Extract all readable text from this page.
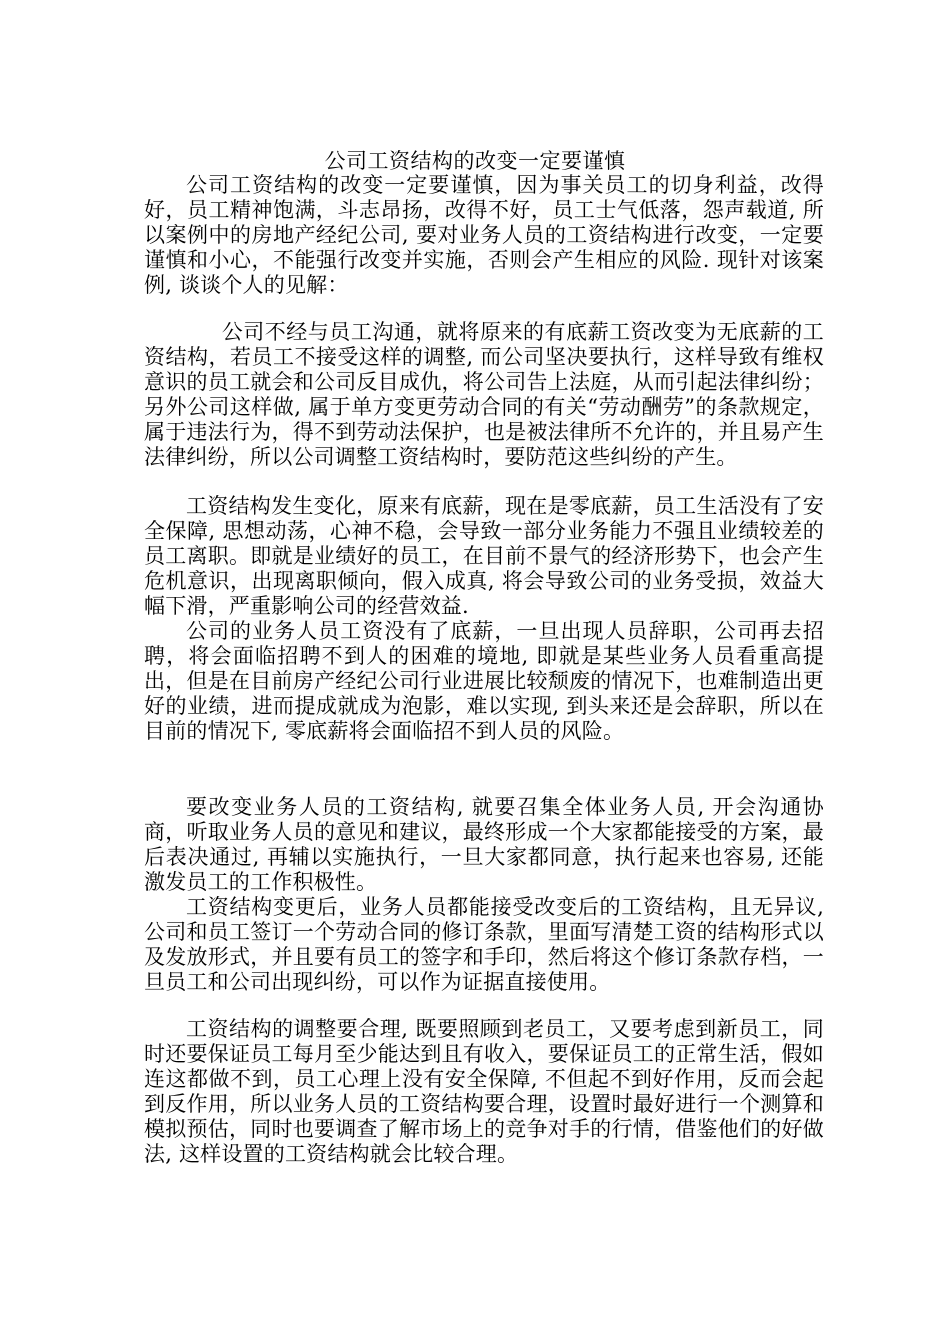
公司工资结构的改变一定要谨慎

公司工资结构的改变一定要谨慎，因为事关员工的切身利益，改得好，员工精神饱满，斗志昂扬，改得不好，员工士气低落，怨声载道, 所以案例中的房地产经纪公司, 要对业务人员的工资结构进行改变，一定要谨慎和小心，不能强行改变并实施，否则会产生相应的风险. 现针对该案例, 谈谈个人的见解：

公司不经与员工沟通，就将原来的有底薪工资改变为无底薪的工资结构，若员工不接受这样的调整, 而公司坚决要执行，这样导致有维权意识的员工就会和公司反目成仇，将公司告上法庭，从而引起法律纠纷；另外公司这样做, 属于单方变更劳动合同的有关“劳动酬劳”的条款规定，属于违法行为，得不到劳动法保护，也是被法律所不允许的，并且易产生法律纠纷，所以公司调整工资结构时，要防范这些纠纷的产生。

工资结构发生变化，原来有底薪，现在是零底薪，员工生活没有了安全保障, 思想动荡，心神不稳，会导致一部分业务能力不强且业绩较差的员工离职。即就是业绩好的员工，在目前不景气的经济形势下，也会产生危机意识，出现离职倾向，假入成真, 将会导致公司的业务受损，效益大幅下滑，严重影响公司的经营效益.

公司的业务人员工资没有了底薪，一旦出现人员辞职，公司再去招聘，将会面临招聘不到人的困难的境地, 即就是某些业务人员看重高提出，但是在目前房产经纪公司行业进展比较颓废的情况下，也难制造出更好的业绩，进而提成就成为泡影，难以实现, 到头来还是会辞职，所以在目前的情况下, 零底薪将会面临招不到人员的风险。

要改变业务人员的工资结构, 就要召集全体业务人员, 开会沟通协商，听取业务人员的意见和建议，最终形成一个大家都能接受的方案，最后表决通过, 再辅以实施执行，一旦大家都同意，执行起来也容易, 还能激发员工的工作积极性。

工资结构变更后，业务人员都能接受改变后的工资结构，且无异议, 公司和员工签订一个劳动合同的修订条款，里面写清楚工资的结构形式以及发放形式，并且要有员工的签字和手印，然后将这个修订条款存档，一旦员工和公司出现纠纷，可以作为证据直接使用。

工资结构的调整要合理, 既要照顾到老员工，又要考虑到新员工，同时还要保证员工每月至少能达到且有收入，要保证员工的正常生活，假如连这都做不到，员工心理上没有安全保障, 不但起不到好作用，反而会起到反作用，所以业务人员的工资结构要合理，设置时最好进行一个测算和模拟预估，同时也要调查了解市场上的竞争对手的行情，借鉴他们的好做法, 这样设置的工资结构就会比较合理。
